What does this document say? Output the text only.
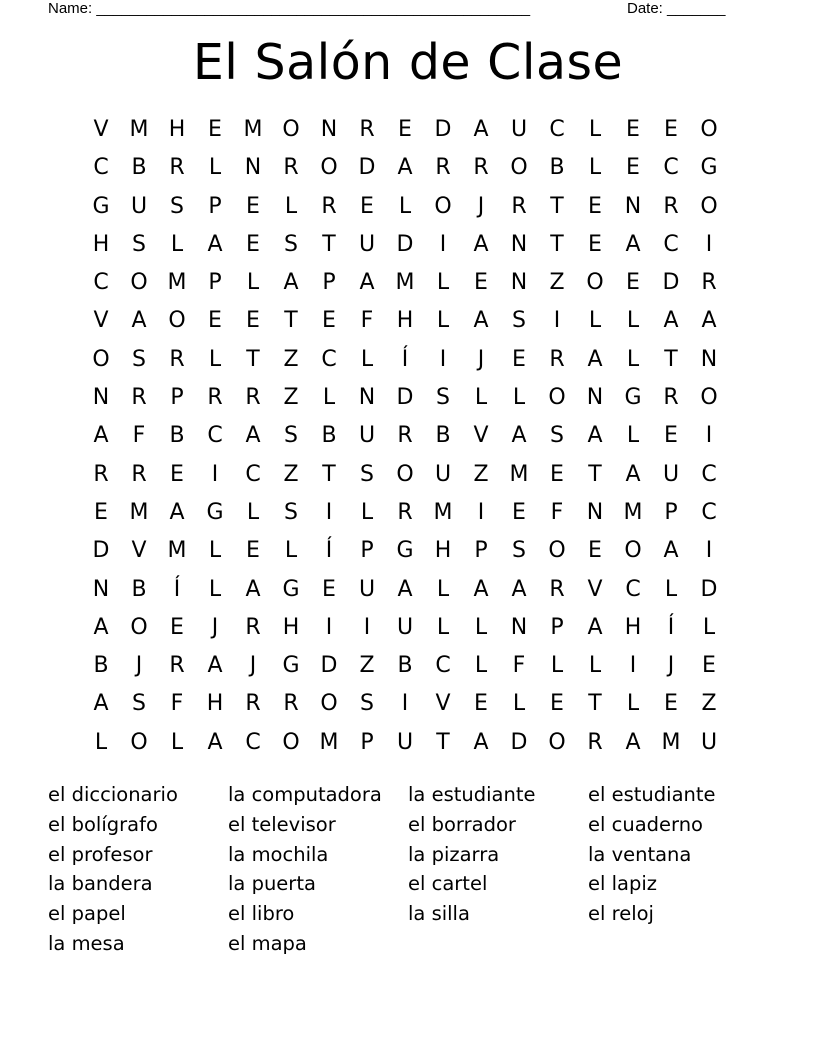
Name: ____________________________________________________	Date: _______
El Salón de Clase
V M H	E M O N	R	E	D	A	U	C	L	E	E	O
C	B	R	L	N	R O D	A	R	R O B	L	E	C G
G U	S	P	E	L	R	E	L	O	J	R	T	E	N	R O
H	S	L	A	E	S	T	U D	I	A	N	T	E	A	C	I
C O M P	L	A	P	A M	L	E	N	Z O	E	D R
V	A O	E	E	T	E	F	H	L	A	S	I	L	L	A	A
O	S	R	L	T	Z	C	L	Í	I	J	E	R	A	L	T	N
N	R	P	R	R	Z	L	N D	S	L	L	O N G R O
A	F	B	C	A	S	B	U	R	B	V	A	S	A	L	E	I
R	R	E	I	C	Z	T	S	O U	Z M E	T	A	U	C
E M A G	L	S	I	L	R M	I	E	F	N M P	C
D	V M	L	E	L	Í	P	G H	P	S	O	E	O A	I
N	B	Í	L	A G	E	U	A	L	A	A	R	V	C	L	D
A O	E	J	R	H	I	I	U	L	L	N	P	A	H	Í	L
B	J	R	A	J	G D Z	B	C	L	F	L	L	I	J	E
A	S	F	H	R	R O	S	I	V	E	L	E	T	L	E	Z
L	O	L	A	C O M P	U	T	A D O R	A M U
el diccionario	la computadora	la estudiante	el estudiante
el bolígrafo	el televisor	el borrador	el cuaderno
el profesor	la mochila	la pizarra	la ventana
la bandera	la puerta	el cartel	el lapiz
el papel	el libro	la silla	el reloj
la mesa	el mapa
